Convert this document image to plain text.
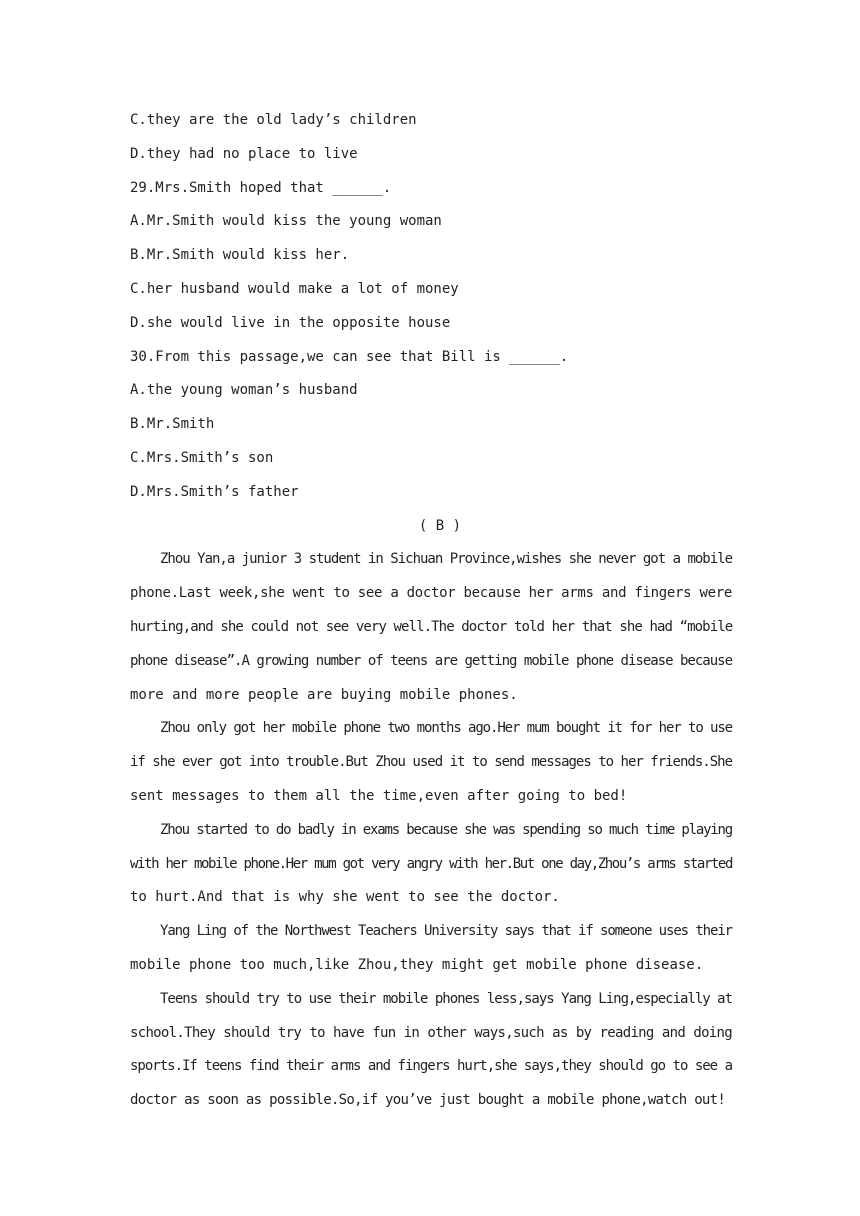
C.they are the old lady’s children

D.they had no place to live

29.Mrs.Smith hoped that ______.

A.Mr.Smith would kiss the young woman

B.Mr.Smith would kiss her.

C.her husband would make a lot of money

D.she would live in the opposite house

30.From this passage,we can see that Bill is ______.

A.the young woman’s husband

B.Mr.Smith

C.Mrs.Smith’s son

D.Mrs.Smith’s father

( B )

Zhou Yan,a junior 3 student in Sichuan Province,wishes she never got a mobile
phone.Last week,she went to see a doctor because her arms and fingers were
hurting,and she could not see very well.The doctor told her that she had “mobile
phone disease”.A growing number of teens are getting mobile phone disease because
more and more people are buying mobile phones.
Zhou only got her mobile phone two months ago.Her mum bought it for her to use
if she ever got into trouble.But Zhou used it to send messages to her friends.She
sent messages to them all the time,even after going to bed!
Zhou started to do badly in exams because she was spending so much time playing
with her mobile phone.Her mum got very angry with her.But one day,Zhou’s arms started
to hurt.And that is why she went to see the doctor.
Yang Ling of the Northwest Teachers University says that if someone uses their
mobile phone too much,like Zhou,they might get mobile phone disease.
Teens should try to use their mobile phones less,says Yang Ling,especially at
school.They should try to have fun in other ways,such as by reading and doing
sports.If teens find their arms and fingers hurt,she says,they should go to see a
doctor as soon as possible.So,if you’ve just bought a mobile phone,watch out!
